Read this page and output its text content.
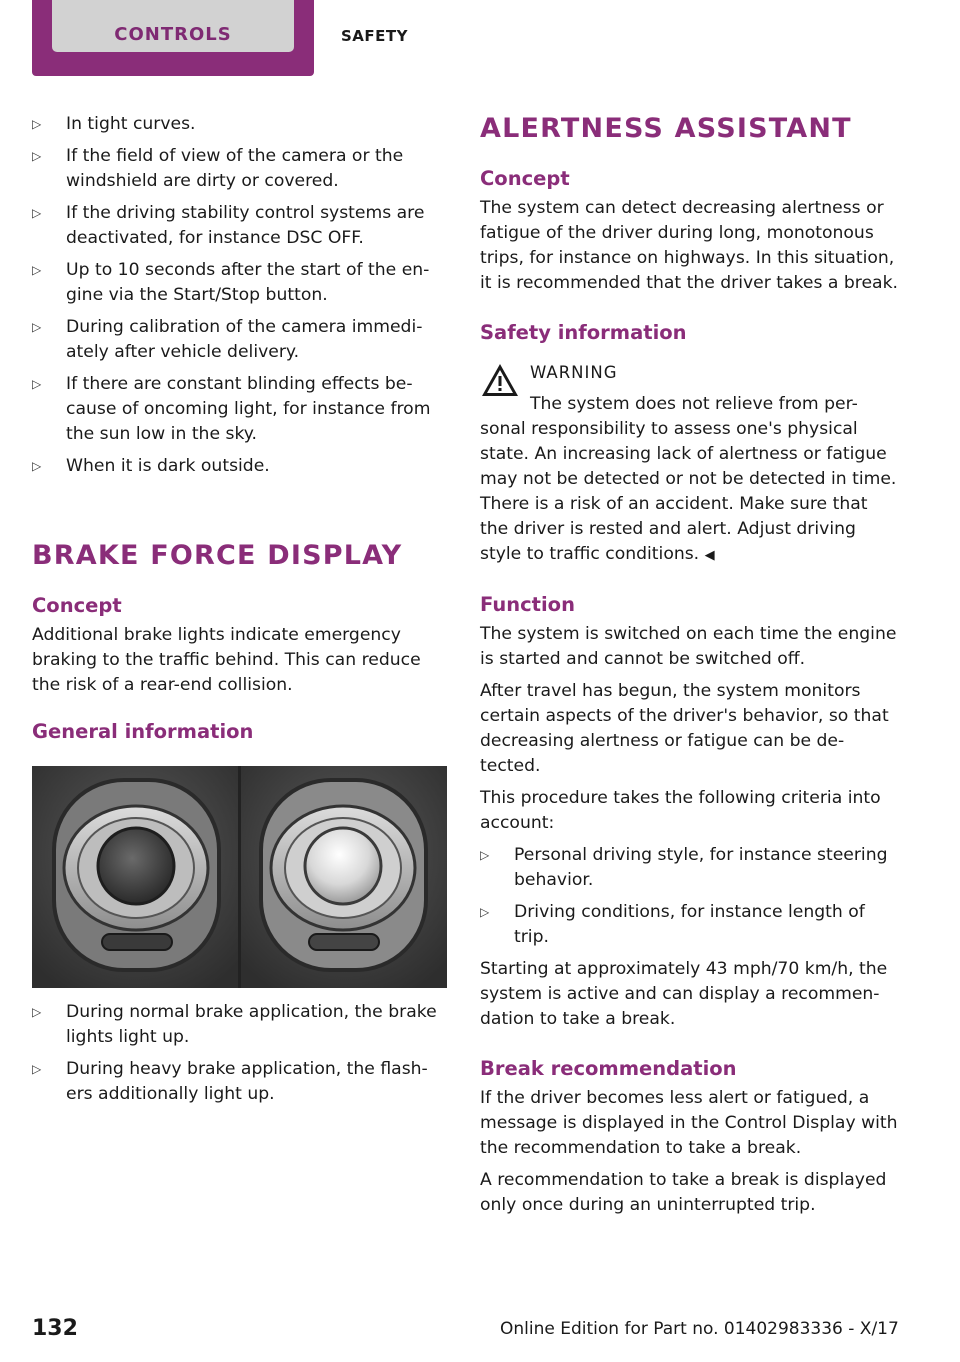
CONTROLS	SAFETY
▷ In tight curves.
▷ If the field of view of the camera or the windshield are dirty or covered.
▷ If the driving stability control systems are deactivated, for instance DSC OFF.
▷ Up to 10 seconds after the start of the en-gine via the Start/Stop button.
▷ During calibration of the camera immedi-ately after vehicle delivery.
▷ If there are constant blinding effects be-cause of oncoming light, for instance from the sun low in the sky.
▷ When it is dark outside.
BRAKE FORCE DISPLAY
Concept

Additional brake lights indicate emergency braking to the traffic behind. This can reduce the risk of a rear-end collision.

General information
▷ During normal brake application, the brake lights light up.
▷ During heavy brake application, the flash-ers additionally light up.
ALERTNESS ASSISTANT
Concept

The system can detect decreasing alertness or fatigue of the driver during long, monotonous trips, for instance on highways. In this situation, it is recommended that the driver takes a break.

Safety information
WARNING

The system does not relieve from per-

sonal responsibility to assess one's physical state. An increasing lack of alertness or fatigue may not be detected or not be detected in time. There is a risk of an accident. Make sure that the driver is rested and alert. Adjust driving style to traffic conditions. ◀

Function

The system is switched on each time the engine is started and cannot be switched off.

After travel has begun, the system monitors certain aspects of the driver's behavior, so that decreasing alertness or fatigue can be de-tected.

This procedure takes the following criteria into account:

▷ Personal driving style, for instance steering behavior.
▷ Driving conditions, for instance length of trip.

Starting at approximately 43 mph/70 km/h, the system is active and can display a recommen-dation to take a break.

Break recommendation

If the driver becomes less alert or fatigued, a message is displayed in the Control Display with the recommendation to take a break.

A recommendation to take a break is displayed only once during an uninterrupted trip.

132	Online Edition for Part no. 01402983336 - X/17
